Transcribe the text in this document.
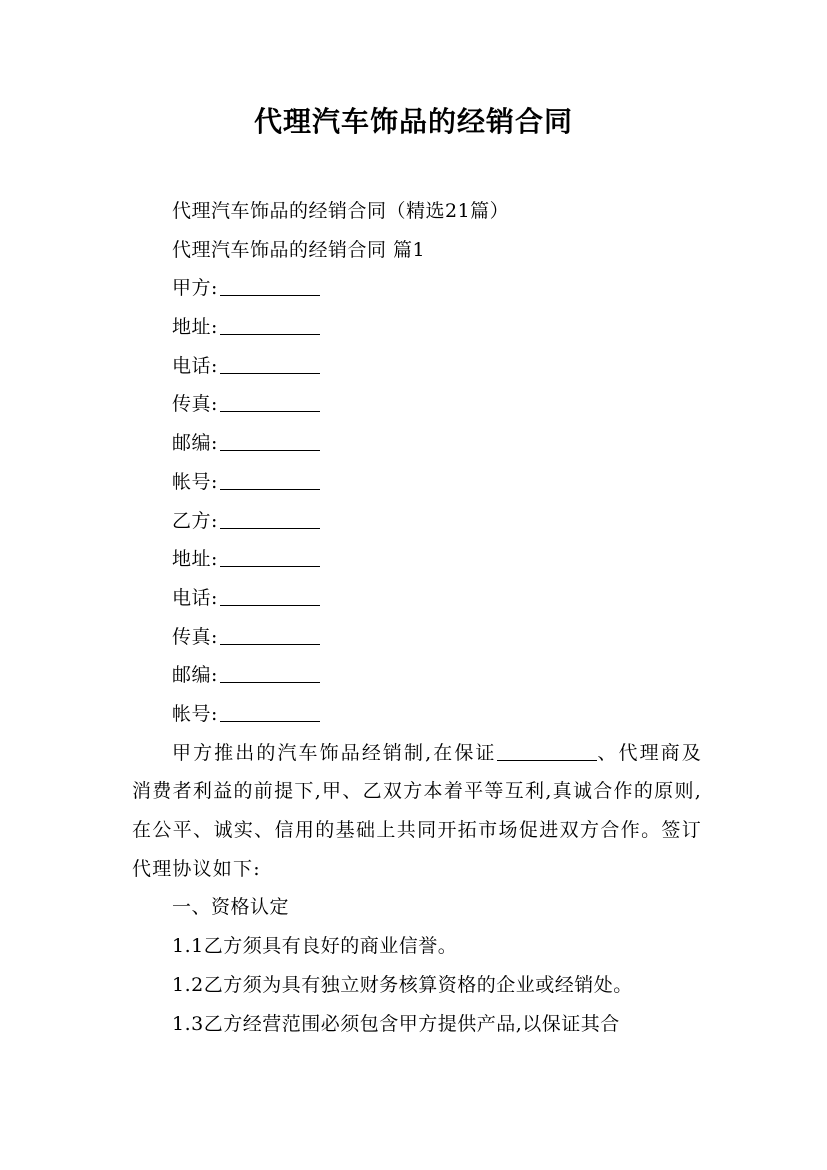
代理汽车饰品的经销合同

代理汽车饰品的经销合同（精选21篇）

代理汽车饰品的经销合同 篇1

甲方:

地址:

电话:

传真:

邮编:

帐号:

乙方:

地址:

电话:

传真:

邮编:

帐号:

甲方推出的汽车饰品经销制,在保证	、代理商及消费者利益的前提下,甲、乙双方本着平等互利,真诚合作的原则,在公平、诚实、信用的基础上共同开拓市场促进双方合作。签订代理协议如下:

一、资格认定

1.1乙方须具有良好的商业信誉。

1.2乙方须为具有独立财务核算资格的企业或经销处。

1.3乙方经营范围必须包含甲方提供产品,以保证其合
